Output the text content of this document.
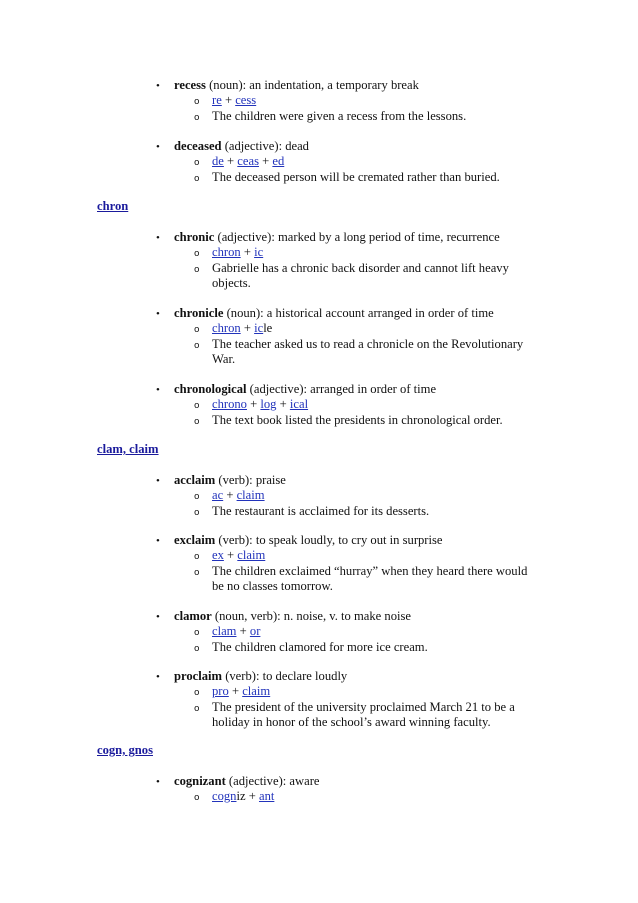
• recess (noun): an indentation, a temporary break
o re + cess
o The children were given a recess from the lessons.
• deceased (adjective): dead
o de + ceas + ed
o The deceased person will be cremated rather than buried.
chron
• chronic (adjective): marked by a long period of time, recurrence
o chron + ic
o Gabrielle has a chronic back disorder and cannot lift heavy
objects.
• chronicle (noun): a historical account arranged in order of time
o chron + icle
o The teacher asked us to read a chronicle on the Revolutionary
War.
• chronological (adjective): arranged in order of time
o chrono + log + ical
o The text book listed the presidents in chronological order.
clam, claim
• acclaim (verb): praise
o ac + claim
o The restaurant is acclaimed for its desserts.
• exclaim (verb): to speak loudly, to cry out in surprise
o ex + claim
o The children exclaimed “hurray” when they heard there would
be no classes tomorrow.
• clamor (noun, verb): n. noise, v. to make noise
o clam + or
o The children clamored for more ice cream.
• proclaim (verb): to declare loudly
o pro + claim
o The president of the university proclaimed March 21 to be a
holiday in honor of the school’s award winning faculty.
cogn, gnos
• cognizant (adjective): aware
o cogniz + ant
